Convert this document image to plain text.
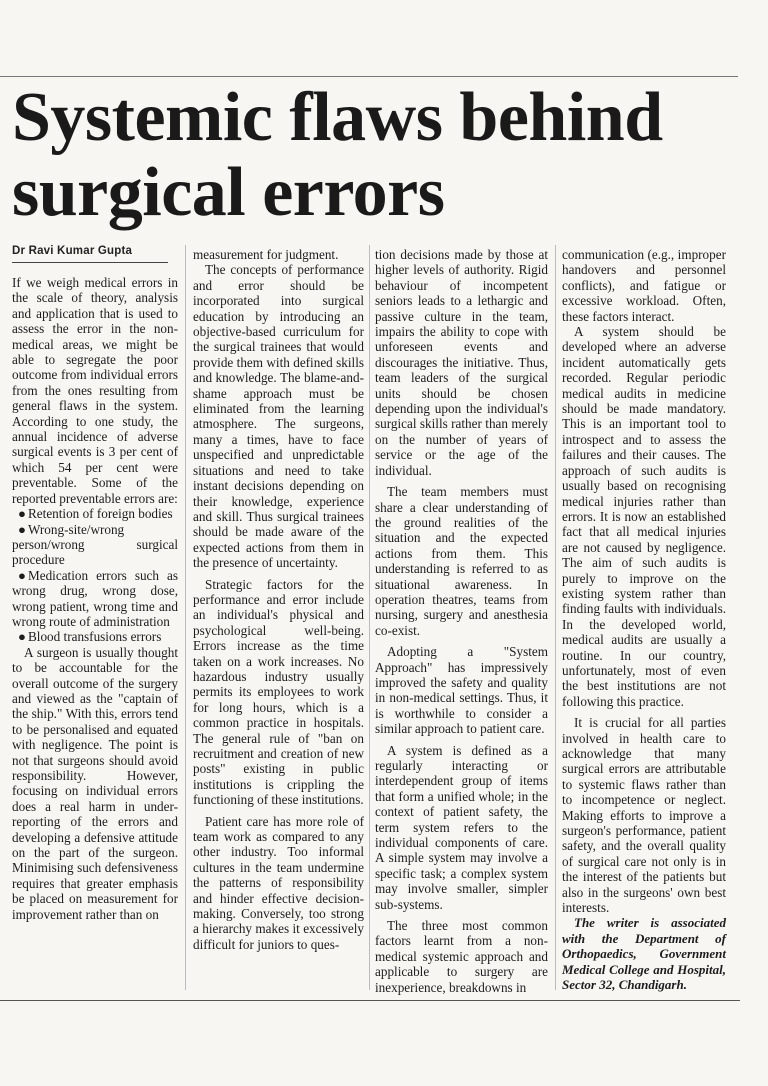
Systemic flaws behind
surgical errors
Dr Ravi Kumar Gupta

If we weigh medical errors in the scale of theory, analysis and application that is used to assess the error in the non-medical areas, we might be able to segregate the poor outcome from individual errors from the ones resulting from general flaws in the system. According to one study, the annual incidence of adverse surgical events is 3 per cent of which 54 per cent were preventable. Some of the reported preventable errors are:

● Retention of foreign bodies
● Wrong-site/wrong person/wrong surgical procedure
● Medication errors such as wrong drug, wrong dose, wrong patient, wrong time and wrong route of administration
● Blood transfusions errors

A surgeon is usually thought to be accountable for the overall outcome of the surgery and viewed as the "captain of the ship." With this, errors tend to be personalised and equated with negligence. The point is not that surgeons should avoid responsibility. However, focusing on individual errors does a real harm in under-reporting of the errors and developing a defensive attitude on the part of the surgeon. Minimising such defensiveness requires that greater emphasis be placed on measurement for improvement rather than on

measurement for judgment.

The concepts of performance and error should be incorporated into surgical education by introducing an objective-based curriculum for the surgical trainees that would provide them with defined skills and knowledge. The blame-and-shame approach must be eliminated from the learning atmosphere. The surgeons, many a times, have to face unspecified and unpredictable situations and need to take instant decisions depending on their knowledge, experience and skill. Thus surgical trainees should be made aware of the expected actions from them in the presence of uncertainty.

Strategic factors for the performance and error include an individual's physical and psychological well-being. Errors increase as the time taken on a work increases. No hazardous industry usually permits its employees to work for long hours, which is a common practice in hospitals. The general rule of "ban on recruitment and creation of new posts" existing in public institutions is crippling the functioning of these institutions.

Patient care has more role of team work as compared to any other industry. Too informal cultures in the team undermine the patterns of responsibility and hinder effective decision-making. Conversely, too strong a hierarchy makes it excessively difficult for juniors to ques-

tion decisions made by those at higher levels of authority. Rigid behaviour of incompetent seniors leads to a lethargic and passive culture in the team, impairs the ability to cope with unforeseen events and discourages the initiative. Thus, team leaders of the surgical units should be chosen depending upon the individual's surgical skills rather than merely on the number of years of service or the age of the individual.

The team members must share a clear understanding of the ground realities of the situation and the expected actions from them. This understanding is referred to as situational awareness. In operation theatres, teams from nursing, surgery and anesthesia co-exist.

Adopting a "System Approach" has impressively improved the safety and quality in non-medical settings. Thus, it is worthwhile to consider a similar approach to patient care.

A system is defined as a regularly interacting or interdependent group of items that form a unified whole; in the context of patient safety, the term system refers to the individual components of care. A simple system may involve a specific task; a complex system may involve smaller, simpler sub-systems.

The three most common factors learnt from a non-medical systemic approach and applicable to surgery are inexperience, breakdowns in

communication (e.g., improper handovers and personnel conflicts), and fatigue or excessive workload. Often, these factors interact.

A system should be developed where an adverse incident automatically gets recorded. Regular periodic medical audits in medicine should be made mandatory. This is an important tool to introspect and to assess the failures and their causes. The approach of such audits is usually based on recognising medical injuries rather than errors. It is now an established fact that all medical injuries are not caused by negligence. The aim of such audits is purely to improve on the existing system rather than finding faults with individuals. In the developed world, medical audits are usually a routine. In our country, unfortunately, most of even the best institutions are not following this practice.

It is crucial for all parties involved in health care to acknowledge that many surgical errors are attributable to systemic flaws rather than to incompetence or neglect. Making efforts to improve a surgeon's performance, patient safety, and the overall quality of surgical care not only is in the interest of the patients but also in the surgeons' own best interests.

The writer is associated with the Department of Orthopaedics, Government Medical College and Hospital, Sector 32, Chandigarh.
